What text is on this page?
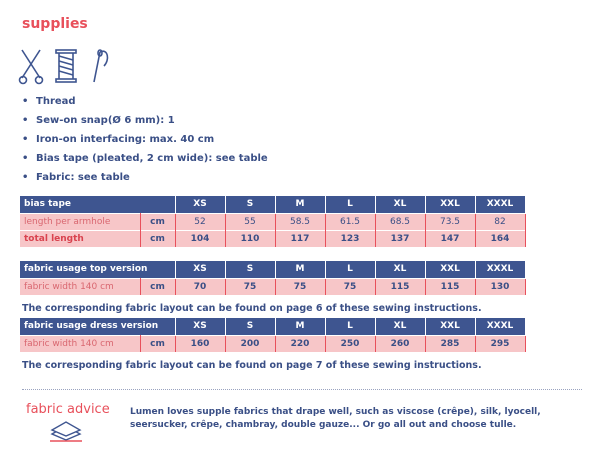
supplies
• Thread
• Sew-on snap(Ø 6 mm): 1
• Iron-on interfacing: max. 40 cm
• Bias tape (pleated, 2 cm wide): see table
• Fabric: see table
bias tape		XS	S	M	L	XL	XXL	XXXL
length per armhole	cm	52	55	58.5	61.5	68.5	73.5	82
total length	cm	104	110	117	123	137	147	164
fabric usage top version		XS	S	M	L	XL	XXL	XXXL
fabric width 140 cm	cm	70	75	75	75	115	115	130
The corresponding fabric layout can be found on page 6 of these sewing instructions.
fabric usage dress version		XS	S	M	L	XL	XXL	XXXL
fabric width 140 cm	cm	160	200	220	250	260	285	295
The corresponding fabric layout can be found on page 7 of these sewing instructions.
fabric advice Lumen loves supple fabrics that drape well, such as viscose (crêpe), silk, lyocell, seersucker, crêpe, chambray, double gauze... Or go all out and choose tulle.
